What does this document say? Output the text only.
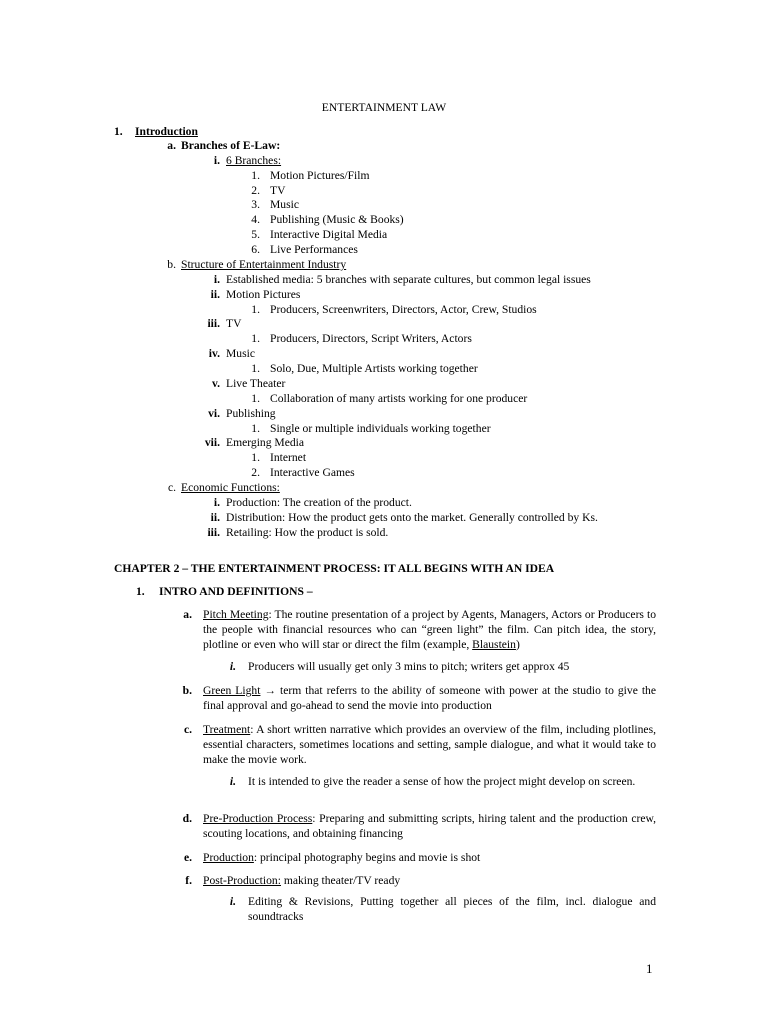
ENTERTAINMENT LAW
1. Introduction
a. Branches of E-Law:
i. 6 Branches:
1. Motion Pictures/Film
2. TV
3. Music
4. Publishing (Music & Books)
5. Interactive Digital Media
6. Live Performances
b. Structure of Entertainment Industry
i. Established media: 5 branches with separate cultures, but common legal issues
ii. Motion Pictures
1. Producers, Screenwriters, Directors, Actor, Crew, Studios
iii. TV
1. Producers, Directors, Script Writers, Actors
iv. Music
1. Solo, Due, Multiple Artists working together
v. Live Theater
1. Collaboration of many artists working for one producer
vi. Publishing
1. Single or multiple individuals working together
vii. Emerging Media
1. Internet
2. Interactive Games
c. Economic Functions:
i. Production: The creation of the product.
ii. Distribution: How the product gets onto the market. Generally controlled by Ks.
iii. Retailing: How the product is sold.
CHAPTER 2 – THE ENTERTAINMENT PROCESS: IT ALL BEGINS WITH AN IDEA
1. INTRO AND DEFINITIONS –
a. Pitch Meeting: The routine presentation of a project by Agents, Managers, Actors or Producers to the people with financial resources who can “green light” the film. Can pitch idea, the story, plotline or even who will star or direct the film (example, Blaustein)
i. Producers will usually get only 3 mins to pitch; writers get approx 45
b. Green Light → term that referrs to the ability of someone with power at the studio to give the final approval and go-ahead to send the movie into production
c. Treatment: A short written narrative which provides an overview of the film, including plotlines, essential characters, sometimes locations and setting, sample dialogue, and what it would take to make the movie work.
i. It is intended to give the reader a sense of how the project might develop on screen.
d. Pre-Production Process: Preparing and submitting scripts, hiring talent and the production crew, scouting locations, and obtaining financing
e. Production: principal photography begins and movie is shot
f. Post-Production: making theater/TV ready
i. Editing & Revisions, Putting together all pieces of the film, incl. dialogue and soundtracks
1
